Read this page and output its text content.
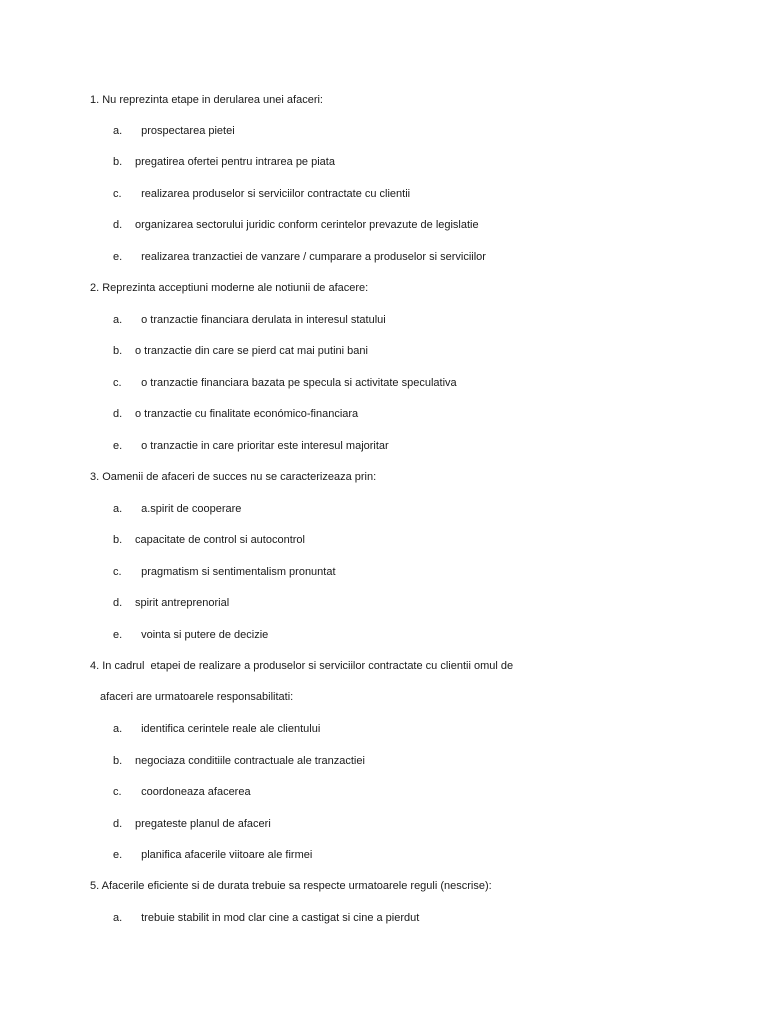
1. Nu reprezinta etape in derularea unei afaceri:
a.  prospectarea pietei
b. pregatirea ofertei pentru intrarea pe piata
c.  realizarea produselor si serviciilor contractate cu clientii
d. organizarea sectorului juridic conform cerintelor prevazute de legislatie
e.  realizarea tranzactiei de vanzare / cumparare a produselor si serviciilor
2. Reprezinta acceptiuni moderne ale notiunii de afacere:
a.  o tranzactie financiara derulata in interesul statului
b. o tranzactie din care se pierd cat mai putini bani
c.  o tranzactie financiara bazata pe specula si activitate speculativa
d. o tranzactie cu finalitate económico-financiara
e.  o tranzactie in care prioritar este interesul majoritar
3. Oamenii de afaceri de succes nu se caracterizeaza prin:
a.  a.spirit de cooperare
b. capacitate de control si autocontrol
c.  pragmatism si sentimentalism pronuntat
d. spirit antreprenorial
e.  vointa si putere de decizie
4. In cadrul  etapei de realizare a produselor si serviciilor contractate cu clientii omul de
afaceri are urmatoarele responsabilitati:
a.  identifica cerintele reale ale clientului
b. negociaza conditiile contractuale ale tranzactiei
c.  coordoneaza afacerea
d. pregateste planul de afaceri
e.  planifica afacerile viitoare ale firmei
5. Afacerile eficiente si de durata trebuie sa respecte urmatoarele reguli (nescrise):
a.  trebuie stabilit in mod clar cine a castigat si cine a pierdut
